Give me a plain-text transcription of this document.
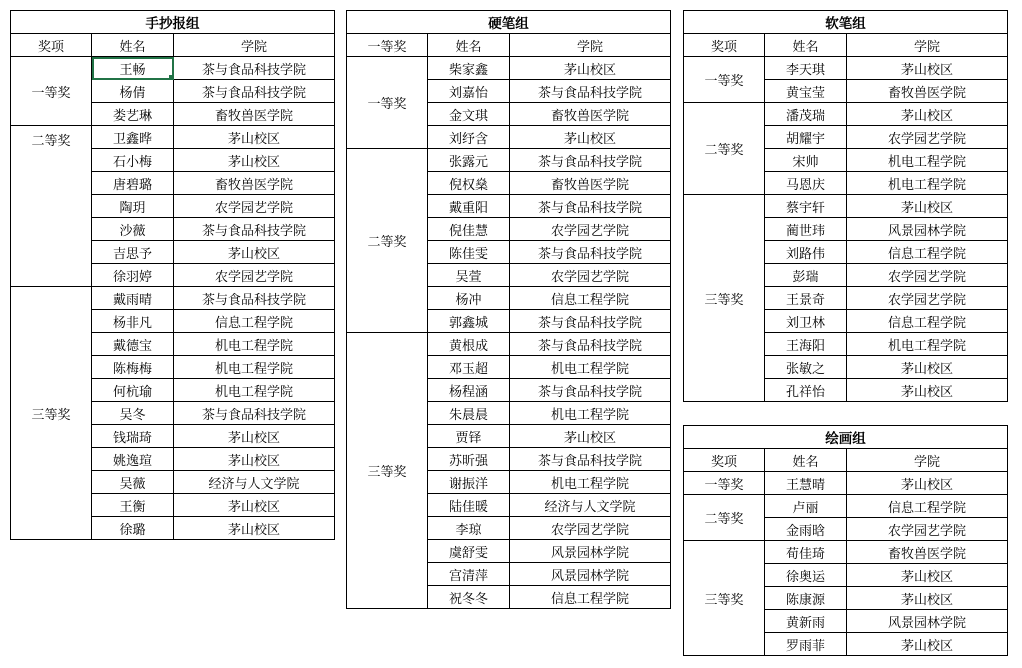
手抄报组		
奖项	姓名	学院
一等奖	王畅	茶与食品科技学院
	杨倩	茶与食品科技学院
	娄艺琳	畜牧兽医学院
二等奖	卫鑫晔	茅山校区
	石小梅	茅山校区
	唐碧璐	畜牧兽医学院
	陶玥	农学园艺学院
	沙薇	茶与食品科技学院
	吉思予	茅山校区
	徐羽婷	农学园艺学院
三等奖	戴雨晴	茶与食品科技学院
	杨非凡	信息工程学院
	戴德宝	机电工程学院
	陈梅梅	机电工程学院
	何杭瑜	机电工程学院
	吴冬	茶与食品科技学院
	钱瑞琦	茅山校区
	姚逸瑄	茅山校区
	吴薇	经济与人文学院
	王衡	茅山校区
	徐璐	茅山校区
硬笔组		
一等奖	姓名	学院
一等奖	柴家鑫	茅山校区
	刘嘉怡	茶与食品科技学院
	金文琪	畜牧兽医学院
	刘纾含	茅山校区
二等奖	张露元	茶与食品科技学院
	倪权燊	畜牧兽医学院
	戴重阳	茶与食品科技学院
	倪佳慧	农学园艺学院
	陈佳雯	茶与食品科技学院
	吴萱	农学园艺学院
	杨冲	信息工程学院
	郭鑫城	茶与食品科技学院
三等奖	黄根成	茶与食品科技学院
	邓玉超	机电工程学院
	杨程涵	茶与食品科技学院
	朱晨晨	机电工程学院
	贾铎	茅山校区
	苏昕强	茶与食品科技学院
	谢振洋	机电工程学院
	陆佳暖	经济与人文学院
	李琼	农学园艺学院
	虞舒雯	风景园林学院
	宫清萍	风景园林学院
	祝冬冬	信息工程学院
软笔组		
奖项	姓名	学院
一等奖	李天琪	茅山校区
	黄宝莹	畜牧兽医学院
二等奖	潘茂瑞	茅山校区
	胡耀宇	农学园艺学院
	宋帅	机电工程学院
	马恩庆	机电工程学院
三等奖	蔡宇轩	茅山校区
	蔺世玮	风景园林学院
	刘路伟	信息工程学院
	彭瑞	农学园艺学院
	王景奇	农学园艺学院
	刘卫林	信息工程学院
	王海阳	机电工程学院
	张敏之	茅山校区
	孔祥怡	茅山校区
绘画组		
奖项	姓名	学院
一等奖	王慧晴	茅山校区
二等奖	卢丽	信息工程学院
	金雨晗	农学园艺学院
三等奖	荀佳琦	畜牧兽医学院
	徐奥运	茅山校区
	陈康源	茅山校区
	黄新雨	风景园林学院
	罗雨菲	茅山校区
